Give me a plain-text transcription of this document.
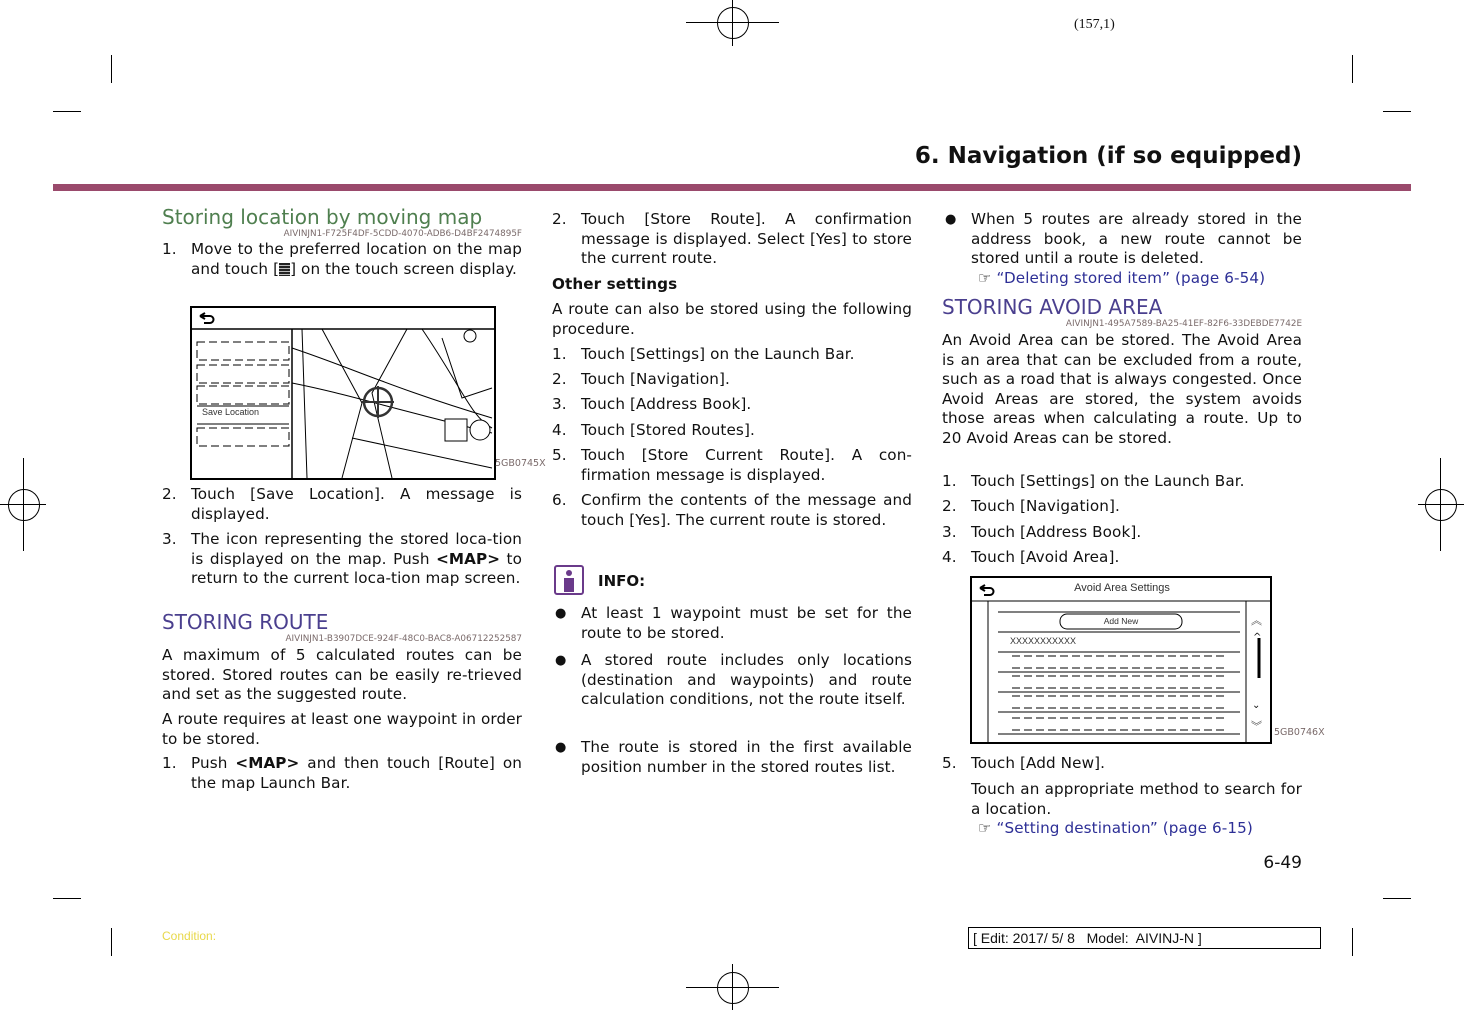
(157,1)
6. Navigation (if so equipped)
Storing location by moving map
AIVINJN1-F725F4DF-5CDD-4070-ADB6-D4BF2474895F
1. Move to the preferred location on the map and touch [ ] on the touch screen display.
Save Location
5GB0745X
2. Touch [Save Location]. A message is displayed.
3. The icon representing the stored loca-tion is displayed on the map. Push <MAP> to return to the current loca-tion map screen.
STORING ROUTE
AIVINJN1-B3907DCE-924F-48C0-BAC8-A06712252587
A maximum of 5 calculated routes can be stored. Stored routes can be easily re-trieved and set as the suggested route.
A route requires at least one waypoint in order to be stored.
1. Push <MAP> and then touch [Route] on the map Launch Bar.
2. Touch [Store Route]. A confirmation message is displayed. Select [Yes] to store the current route.
Other settings
A route can also be stored using the following procedure.
1. Touch [Settings] on the Launch Bar.
2. Touch [Navigation].
3. Touch [Address Book].
4. Touch [Stored Routes].
5. Touch [Store Current Route]. A con-firmation message is displayed.
6. Confirm the contents of the message and touch [Yes]. The current route is stored.
INFO:
● At least 1 waypoint must be set for the route to be stored.
● A stored route includes only locations (destination and waypoints) and route calculation conditions, not the route itself.
● The route is stored in the first available position number in the stored routes list.
● When 5 routes are already stored in the address book, a new route cannot be stored until a route is deleted.
☞ “Deleting stored item” (page 6-54)
STORING AVOID AREA
AIVINJN1-495A7589-BA25-41EF-82F6-33DEBDE7742E
An Avoid Area can be stored. The Avoid Area is an area that can be excluded from a route, such as a road that is always congested. Once Avoid Areas are stored, the system avoids those areas when calculating a route. Up to 20 Avoid Areas can be stored.
1. Touch [Settings] on the Launch Bar.
2. Touch [Navigation].
3. Touch [Address Book].
4. Touch [Avoid Area].
Avoid Area Settings
Add New
XXXXXXXXXXX
︽
^
⌄
︾ 5GB0746X
5. Touch [Add New].
Touch an appropriate method to search for a location.
☞ “Setting destination” (page 6-15)
6-49
Condition:	[ Edit: 2017/ 5/ 8   Model:  AIVINJ-N ]
